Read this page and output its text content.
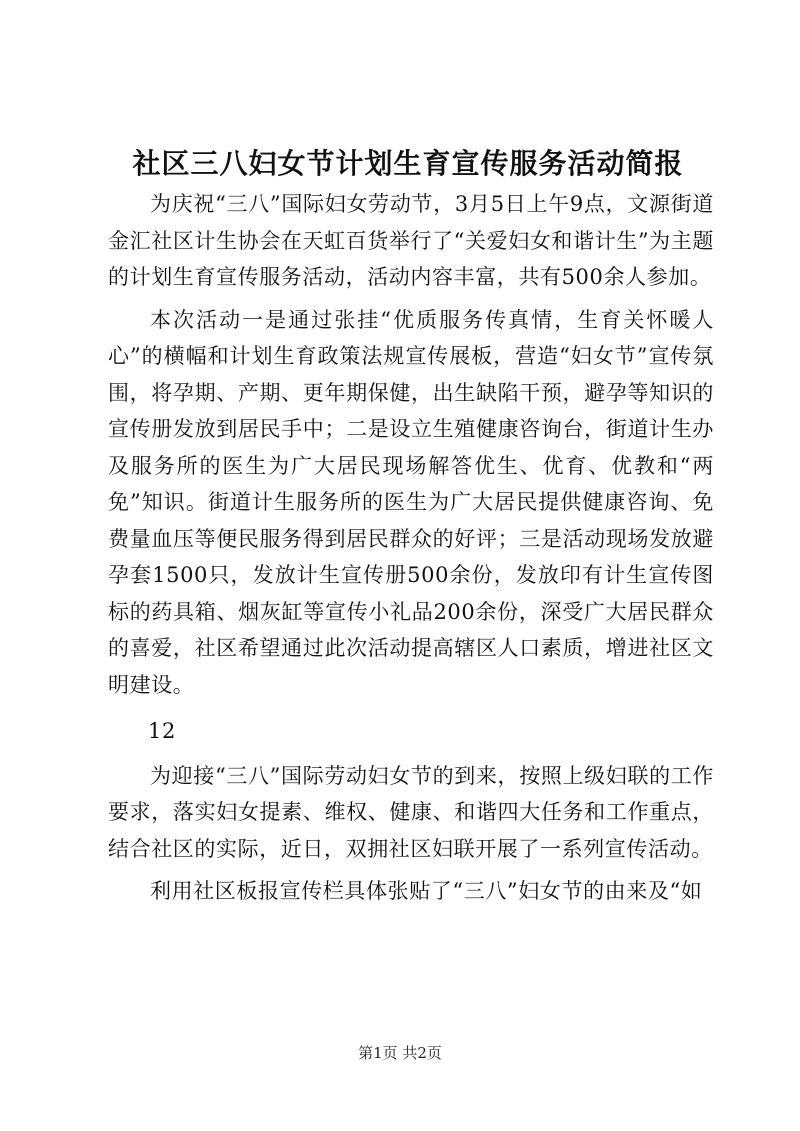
社区三八妇女节计划生育宣传服务活动简报

为庆祝“三八”国际妇女劳动节，3月5日上午9点，文源街道金汇社区计生协会在天虹百货举行了“关爱妇女和谐计生”为主题的计划生育宣传服务活动，活动内容丰富，共有500余人参加。

本次活动一是通过张挂“优质服务传真情，生育关怀暖人心”的横幅和计划生育政策法规宣传展板，营造“妇女节”宣传氛围，将孕期、产期、更年期保健，出生缺陷干预，避孕等知识的宣传册发放到居民手中；二是设立生殖健康咨询台，街道计生办及服务所的医生为广大居民现场解答优生、优育、优教和“两免”知识。街道计生服务所的医生为广大居民提供健康咨询、免费量血压等便民服务得到居民群众的好评；三是活动现场发放避孕套1500只，发放计生宣传册500余份，发放印有计生宣传图标的药具箱、烟灰缸等宣传小礼品200余份，深受广大居民群众的喜爱，社区希望通过此次活动提高辖区人口素质，增进社区文明建设。

12

为迎接“三八”国际劳动妇女节的到来，按照上级妇联的工作要求，落实妇女提素、维权、健康、和谐四大任务和工作重点，结合社区的实际，近日，双拥社区妇联开展了一系列宣传活动。

利用社区板报宣传栏具体张贴了“三八”妇女节的由来及“如

第1页 共2页
